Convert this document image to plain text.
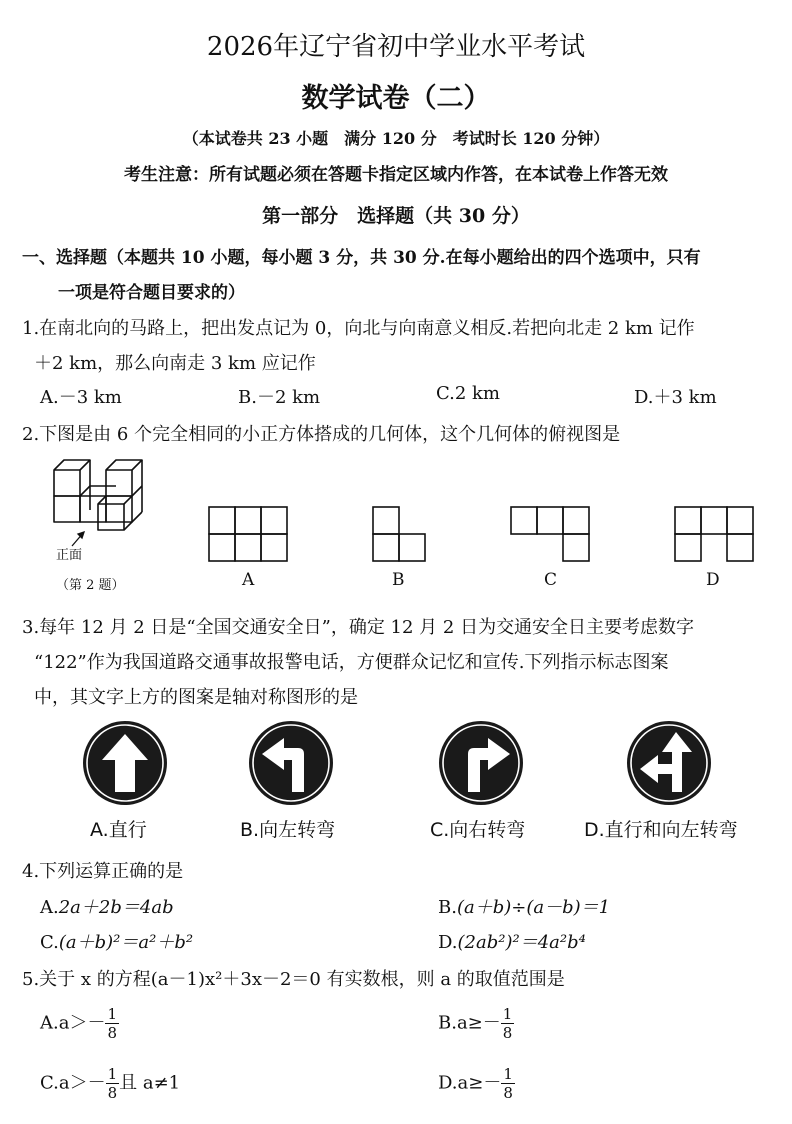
2026年辽宁省初中学业水平考试
数学试卷（二）
（本试卷共 23 小题　满分 120 分　考试时长 120 分钟）
考生注意：所有试题必须在答题卡指定区域内作答，在本试卷上作答无效
第一部分　选择题（共 30 分）
一、选择题（本题共 10 小题，每小题 3 分，共 30 分.在每小题给出的四个选项中，只有
一项是符合题目要求的）
1.在南北向的马路上，把出发点记为 0，向北与向南意义相反.若把向北走 2 km 记作
＋2 km，那么向南走 3 km 应记作
A.－3 km	B.－2 km	C.2 km	D.＋3 km
2.下图是由 6 个完全相同的小正方体搭成的几何体，这个几何体的俯视图是
正面
（第 2 题）	A	B	C	D
3.每年 12 月 2 日是“全国交通安全日”，确定 12 月 2 日为交通安全日主要考虑数字
“122”作为我国道路交通事故报警电话，方便群众记忆和宣传.下列指示标志图案
中，其文字上方的图案是轴对称图形的是
A.直行	B.向左转弯	C.向右转弯	D.直行和向左转弯
4.下列运算正确的是
A.2a＋2b＝4ab	B.(a＋b)÷(a－b)＝1
C.(a＋b)²＝a²＋b²	D.(2ab²)²＝4a²b⁴
5.关于 x 的方程(a－1)x²＋3x－2＝0 有实数根，则 a 的取值范围是
$A.a>- \frac{1}{8}$	$B.a\ge- \frac{1}{8}$
$C.a>- \frac{1}{8}$ 且 a≠1	$D.a\ge- \frac{1}{8}$
